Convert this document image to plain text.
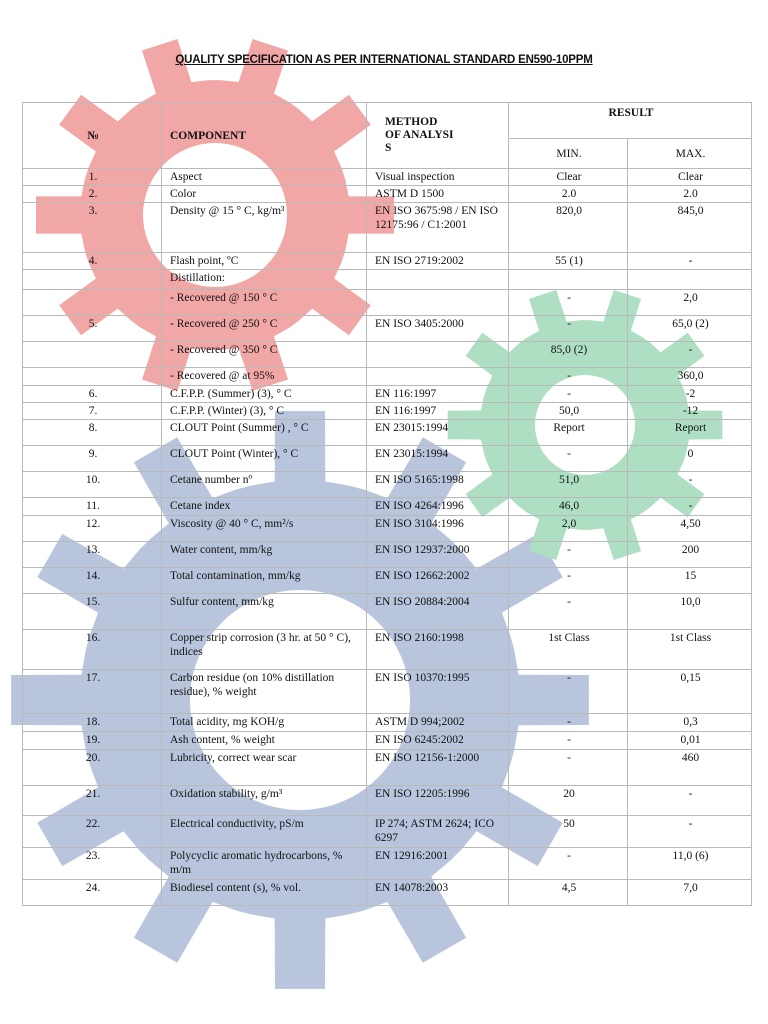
QUALITY SPECIFICATION AS PER INTERNATIONAL STANDARD EN590-10PPM
№	COMPONENT	METHOD OF ANALYSI S	RESULT	
			MIN.	MAX.
1.	Aspect	Visual inspection	Clear	Clear
2.	Color	ASTM D 1500	2.0	2.0
3.	Density @ 15 ° C, kg/m³	EN ISO 3675:98 / EN ISO 12175:96 / C1:2001	820,0	845,0
4.	Flash point, ºC	EN ISO 2719:2002	55 (1)	-
	Distillation:			
	- Recovered @ 150 ° C		-	2,0
5.	- Recovered @ 250 ° C	EN ISO 3405:2000	-	65,0 (2)
	- Recovered @ 350 ° C		85,0 (2)	-
	- Recovered @ at 95%		-	360,0
6.	C.F.P.P. (Summer) (3), ° C	EN 116:1997	-	-2
7.	C.F.P.P. (Winter) (3), ° C	EN 116:1997	50,0	-12
8.	CLOUT Point (Summer) , ° C	EN 23015:1994	Report	Report
9.	CLOUT Point (Winter), ° C	EN 23015:1994	-	0
10.	Cetane number nº	EN ISO 5165:1998	51,0	-
11.	Cetane index	EN ISO 4264:1996	46,0	-
12.	Viscosity @ 40 ° C, mm²/s	EN ISO 3104:1996	2,0	4,50
13.	Water content, mm/kg	EN ISO 12937:2000	-	200
14.	Total contamination, mm/kg	EN ISO 12662:2002	-	15
15.	Sulfur content, mm/kg	EN ISO 20884:2004	-	10,0
16.	Copper strip corrosion (3 hr. at 50 ° C), indices	EN ISO 2160:1998	1st Class	1st Class
17.	Carbon residue (on 10% distillation residue), % weight	EN ISO 10370:1995	-	0,15
18.	Total acidity, mg KOH/g	ASTM D 994;2002	-	0,3
19.	Ash content, % weight	EN ISO 6245:2002	-	0,01
20.	Lubricity, correct wear scar	EN ISO 12156-1:2000	-	460
21.	Oxidation stability, g/m³	EN ISO 12205:1996	20	-
22.	Electrical conductivity, pS/m	IP 274; ASTM 2624; ICO 6297	50	-
23.	Polycyclic aromatic hydrocarbons, % m/m	EN 12916:2001	-	11,0 (6)
24.	Biodiesel content (s), % vol.	EN 14078:2003	4,5	7,0
